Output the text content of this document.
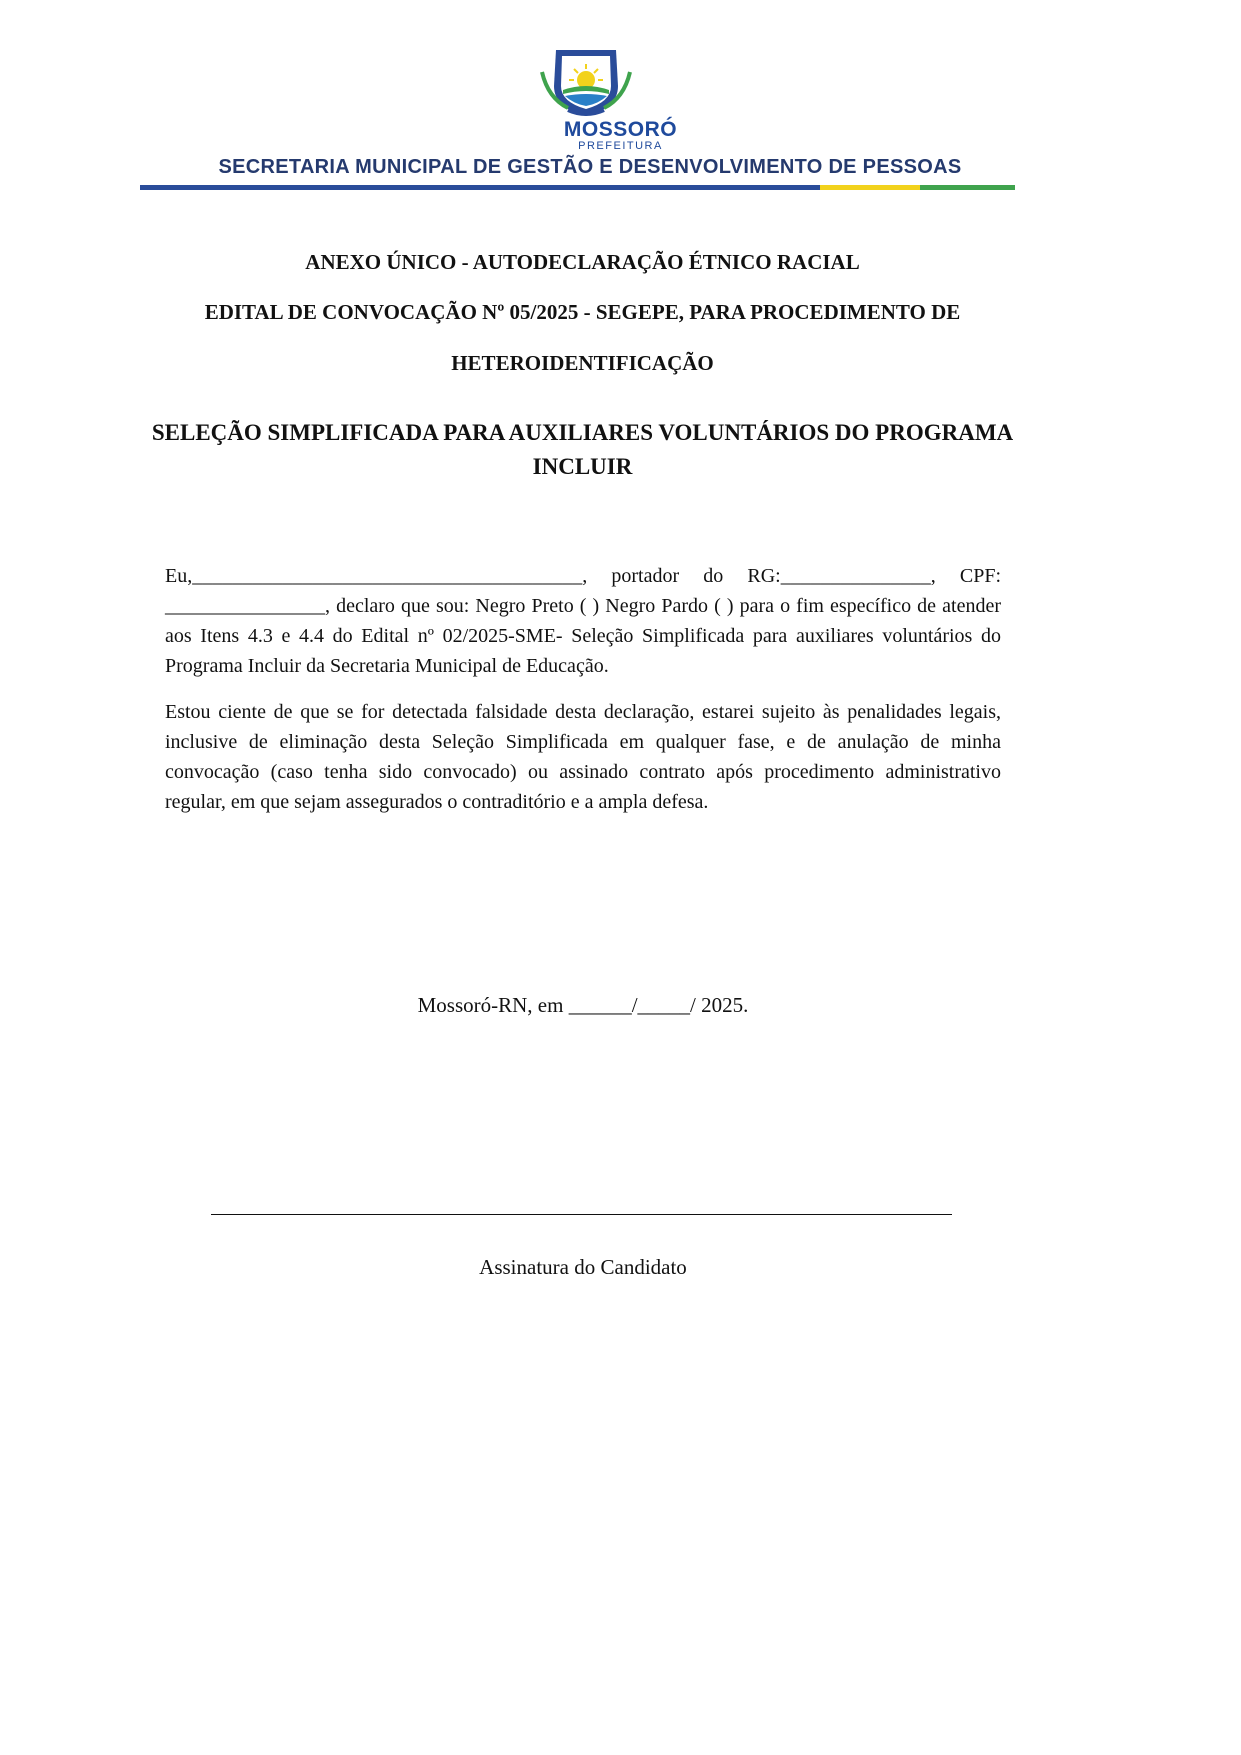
MOSSORÓ
PREFEITURA
SECRETARIA MUNICIPAL DE GESTÃO E DESENVOLVIMENTO DE PESSOAS
ANEXO ÚNICO - AUTODECLARAÇÃO ÉTNICO RACIAL
EDITAL DE CONVOCAÇÃO Nº 05/2025 - SEGEPE, PARA PROCEDIMENTO DE
HETEROIDENTIFICAÇÃO
SELEÇÃO SIMPLIFICADA PARA AUXILIARES VOLUNTÁRIOS DO PROGRAMA INCLUIR
Eu,_______________________________________, portador do RG:_______________, CPF: ________________, declaro que sou: Negro Preto ( ) Negro Pardo ( ) para o fim específico de atender aos Itens 4.3 e 4.4 do Edital nº 02/2025-SME- Seleção Simplificada para auxiliares voluntários do Programa Incluir da Secretaria Municipal de Educação.
Estou ciente de que se for detectada falsidade desta declaração, estarei sujeito às penalidades legais, inclusive de eliminação desta Seleção Simplificada em qualquer fase, e de anulação de minha convocação (caso tenha sido convocado) ou assinado contrato após procedimento administrativo regular, em que sejam assegurados o contraditório e a ampla defesa.
Mossoró-RN, em ______/_____/ 2025.
Assinatura do Candidato
